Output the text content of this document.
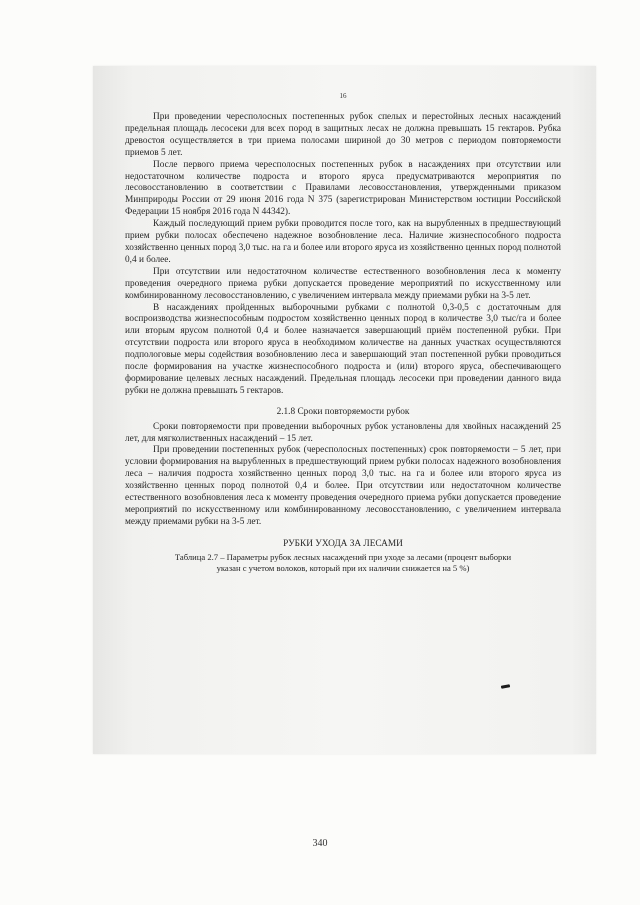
16

При проведении чересполосных постепенных рубок спелых и перестойных лесных насаждений предельная площадь лесосеки для всех пород в защитных лесах не должна превышать 15 гектаров. Рубка древостоя осуществляется в три приема полосами шириной до 30 метров с периодом повторяемости приемов 5 лет.

После первого приема чересполосных постепенных рубок в насаждениях при отсутствии или недостаточном количестве подроста и второго яруса предусматриваются мероприятия по лесовосстановлению в соответствии с Правилами лесовосстановления, утвержденными приказом Минприроды России от 29 июня 2016 года N 375 (зарегистрирован Министерством юстиции Российской Федерации 15 ноября 2016 года N 44342).

Каждый последующий прием рубки проводится после того, как на вырубленных в предшествующий прием рубки полосах обеспечено надежное возобновление леса. Наличие жизнеспособного подроста хозяйственно ценных пород 3,0 тыс. на га и более или второго яруса из хозяйственно ценных пород полнотой 0,4 и более.

При отсутствии или недостаточном количестве естественного возобновления леса к моменту проведения очередного приема рубки допускается проведение мероприятий по искусственному или комбинированному лесовосстановлению, с увеличением интервала между приемами рубки на 3-5 лет.

В насаждениях пройденных выборочными рубками с полнотой 0,3-0,5 с достаточным для воспроизводства жизнеспособным подростом хозяйственно ценных пород в количестве 3,0 тыс/га и более или вторым ярусом полнотой 0,4 и более назначается завершающий приём постепенной рубки. При отсутствии подроста или второго яруса в необходимом количестве на данных участках осуществляются подпологовые меры содействия возобновлению леса и завершающий этап постепенной рубки проводиться после формирования на участке жизнеспособного подроста и (или) второго яруса, обеспечивающего формирование целевых лесных насаждений. Предельная площадь лесосеки при проведении данного вида рубки не должна превышать 5 гектаров.

2.1.8 Сроки повторяемости рубок

Сроки повторяемости при проведении выборочных рубок установлены для хвойных насаждений 25 лет, для мягколиственных насаждений – 15 лет.

При проведении постепенных рубок (чересполосных постепенных) срок повторяемости – 5 лет, при условии формирования на вырубленных в предшествующий прием рубки полосах надежного возобновления леса – наличия подроста хозяйственно ценных пород 3,0 тыс. на га и более или второго яруса из хозяйственно ценных пород полнотой 0,4 и более. При отсутствии или недостаточном количестве естественного возобновления леса к моменту проведения очередного приема рубки допускается проведение мероприятий по искусственному или комбинированному лесовосстановлению, с увеличением интервала между приемами рубки на 3-5 лет.

РУБКИ УХОДА ЗА ЛЕСАМИ

Таблица 2.7 – Параметры рубок лесных насаждений при уходе за лесами (процент выборки

указан с учетом волоков, который при их наличии снижается на 5 %)

340
